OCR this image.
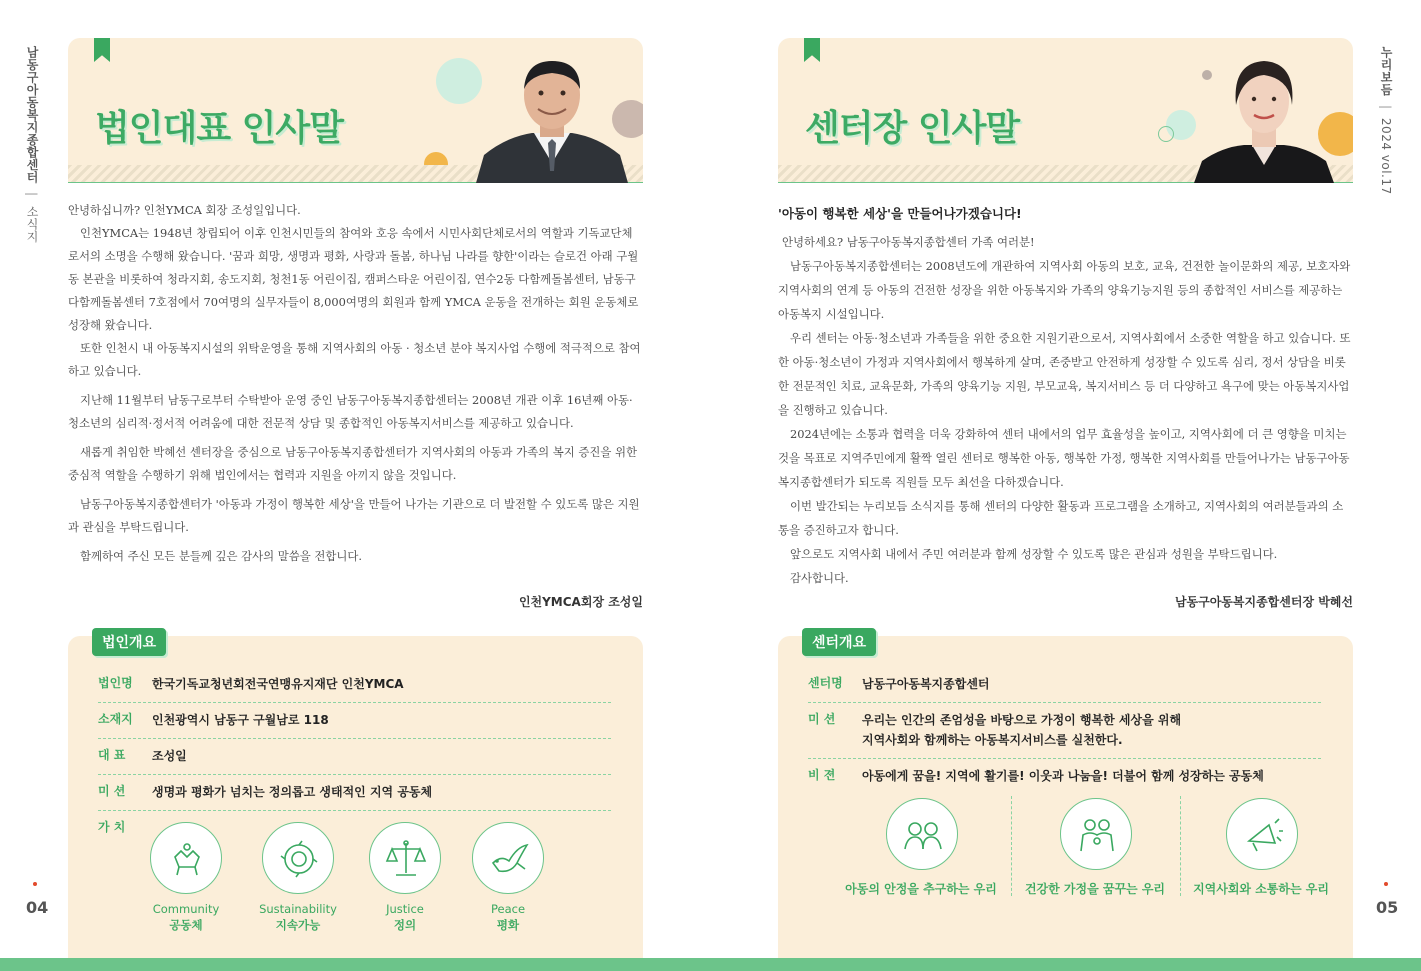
남동구아동복지종합센터 | 소식지
04
법인대표 인사말

안녕하십니까? 인천YMCA 회장 조성일입니다.

인천YMCA는 1948년 창립되어 이후 인천시민들의 참여와 호응 속에서 시민사회단체로서의 역할과 기독교단체로서의 소명을 수행해 왔습니다. '꿈과 희망, 생명과 평화, 사랑과 돌봄, 하나님 나라를 향한'이라는 슬로건 아래 구월동 본관을 비롯하여 청라지회, 송도지회, 청천1동 어린이집, 캠퍼스타운 어린이집, 연수2동 다함께돌봄센터, 남동구다함께돌봄센터 7호점에서 70여명의 실무자들이 8,000여명의 회원과 함께 YMCA 운동을 전개하는 회원 운동체로 성장해 왔습니다.

또한 인천시 내 아동복지시설의 위탁운영을 통해 지역사회의 아동 · 청소년 분야 복지사업 수행에 적극적으로 참여하고 있습니다.

지난해 11월부터 남동구로부터 수탁받아 운영 중인 남동구아동복지종합센터는 2008년 개관 이후 16년째 아동·청소년의 심리적·정서적 어려움에 대한 전문적 상담 및 종합적인 아동복지서비스를 제공하고 있습니다.

새롭게 취임한 박혜선 센터장을 중심으로 남동구아동복지종합센터가 지역사회의 아동과 가족의 복지 증진을 위한 중심적 역할을 수행하기 위해 법인에서는 협력과 지원을 아끼지 않을 것입니다.

남동구아동복지종합센터가 '아동과 가정이 행복한 세상'을 만들어 나가는 기관으로 더 발전할 수 있도록 많은 지원과 관심을 부탁드립니다.

함께하여 주신 모든 분들께 깊은 감사의 말씀을 전합니다.

인천YMCA회장 조성일
법인개요
법인명	한국기독교청년회전국연맹유지재단 인천YMCA
소재지	인천광역시 남동구 구월남로 118
대 표	조성일
미 션	생명과 평화가 넘치는 정의롭고 생태적인 지역 공동체
가 치
Community
공동체
Sustainability
지속가능
Justice
정의
Peace
평화
누리보듬 | 2024 vol.17
05
센터장 인사말
'아동이 행복한 세상'을 만들어나가겠습니다!

안녕하세요? 남동구아동복지종합센터 가족 여러분!

남동구아동복지종합센터는 2008년도에 개관하여 지역사회 아동의 보호, 교육, 건전한 놀이문화의 제공, 보호자와 지역사회의 연계 등 아동의 건전한 성장을 위한 아동복지와 가족의 양육기능지원 등의 종합적인 서비스를 제공하는 아동복지 시설입니다.

우리 센터는 아동·청소년과 가족들을 위한 중요한 지원기관으로서, 지역사회에서 소중한 역할을 하고 있습니다. 또한 아동·청소년이 가정과 지역사회에서 행복하게 살며, 존중받고 안전하게 성장할 수 있도록 심리, 정서 상담을 비롯한 전문적인 치료, 교육문화, 가족의 양육기능 지원, 부모교육, 복지서비스 등 더 다양하고 욕구에 맞는 아동복지사업을 진행하고 있습니다.

2024년에는 소통과 협력을 더욱 강화하여 센터 내에서의 업무 효율성을 높이고, 지역사회에 더 큰 영향을 미치는 것을 목표로 지역주민에게 활짝 열린 센터로 행복한 아동, 행복한 가정, 행복한 지역사회를 만들어나가는 남동구아동복지종합센터가 되도록 직원들 모두 최선을 다하겠습니다.

이번 발간되는 누리보듬 소식지를 통해 센터의 다양한 활동과 프로그램을 소개하고, 지역사회의 여러분들과의 소통을 증진하고자 합니다.

앞으로도 지역사회 내에서 주민 여러분과 함께 성장할 수 있도록 많은 관심과 성원을 부탁드립니다.

감사합니다.

남동구아동복지종합센터장 박혜선
센터개요
센터명	남동구아동복지종합센터
미 션	우리는 인간의 존엄성을 바탕으로 가정이 행복한 세상을 위해
지역사회와 함께하는 아동복지서비스를 실천한다.
비 젼	아동에게 꿈을! 지역에 활기를! 이웃과 나눔을! 더불어 함께 성장하는 공동체
아동의 안정을 추구하는 우리	건강한 가정을 꿈꾸는 우리	지역사회와 소통하는 우리
